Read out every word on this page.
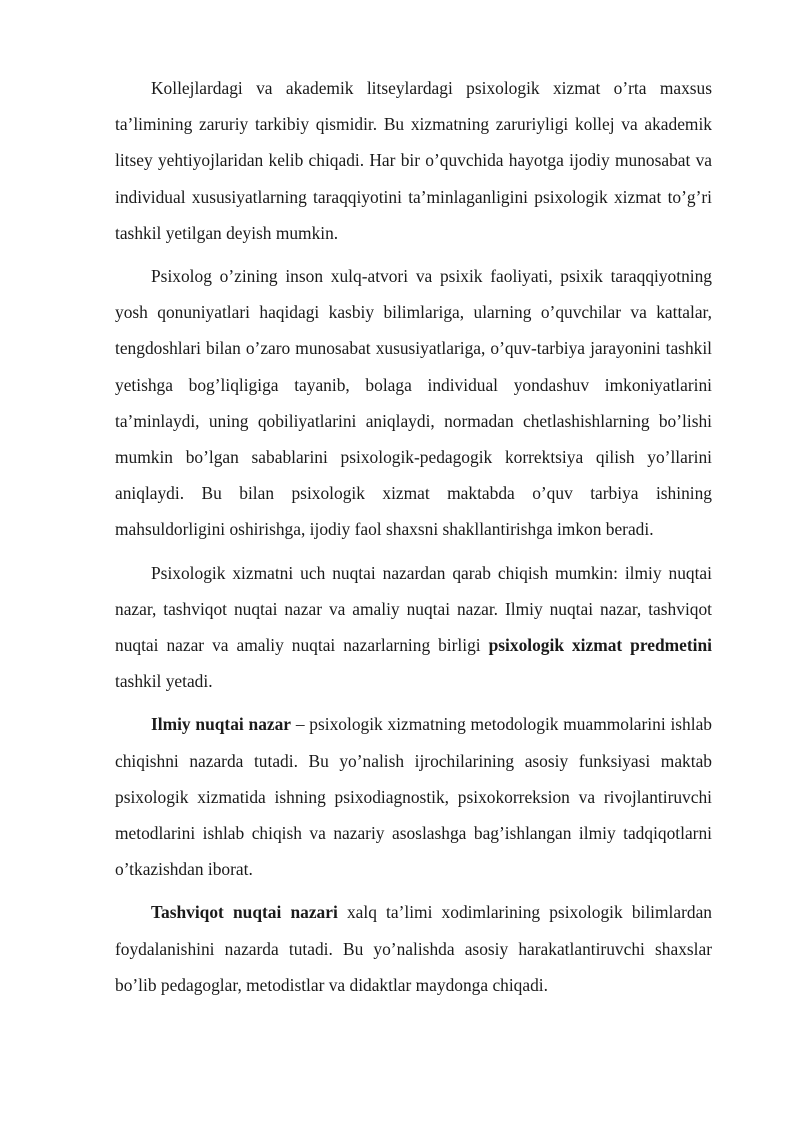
Kollejlardagi va akademik litseylardagi psixologik xizmat o’rta maxsus ta’limining zaruriy tarkibiy qismidir. Bu xizmatning zaruriyligi kollej va akademik litsey yehtiyojlaridan kelib chiqadi. Har bir o’quvchida hayotga ijodiy munosabat va individual xususiyatlarning taraqqiyotini ta’minlaganligini psixologik xizmat to’g’ri tashkil yetilgan deyish mumkin.

Psixolog o’zining inson xulq-atvori va psixik faoliyati, psixik taraqqiyotning yosh qonuniyatlari haqidagi kasbiy bilimlariga, ularning o’quvchilar va kattalar, tengdoshlari bilan o’zaro munosabat xususiyatlariga, o’quv-tarbiya jarayonini tashkil yetishga bog’liqligiga tayanib, bolaga individual yondashuv imkoniyatlarini ta’minlaydi, uning qobiliyatlarini aniqlaydi, normadan chetlashishlarning bo’lishi mumkin bo’lgan sabablarini psixologik-pedagogik korrektsiya qilish yo’llarini aniqlaydi. Bu bilan psixologik xizmat maktabda o’quv tarbiya ishining mahsuldorligini oshirishga, ijodiy faol shaxsni shakllantirishga imkon beradi.

Psixologik xizmatni uch nuqtai nazardan qarab chiqish mumkin: ilmiy nuqtai nazar, tashviqot nuqtai nazar va amaliy nuqtai nazar. Ilmiy nuqtai nazar, tashviqot nuqtai nazar va amaliy nuqtai nazarlarning birligi psixologik xizmat predmetini tashkil yetadi.

Ilmiy nuqtai nazar – psixologik xizmatning metodologik muammolarini ishlab chiqishni nazarda tutadi. Bu yo’nalish ijrochilarining asosiy funksiyasi maktab psixologik xizmatida ishning psixodiagnostik, psixokorreksion va rivojlantiruvchi metodlarini ishlab chiqish va nazariy asoslashga bag’ishlangan ilmiy tadqiqotlarni o’tkazishdan iborat.

Tashviqot nuqtai nazari xalq ta’limi xodimlarining psixologik bilimlardan foydalanishini nazarda tutadi. Bu yo’nalishda asosiy harakatlantiruvchi shaxslar bo’lib pedagoglar, metodistlar va didaktlar maydonga chiqadi.
